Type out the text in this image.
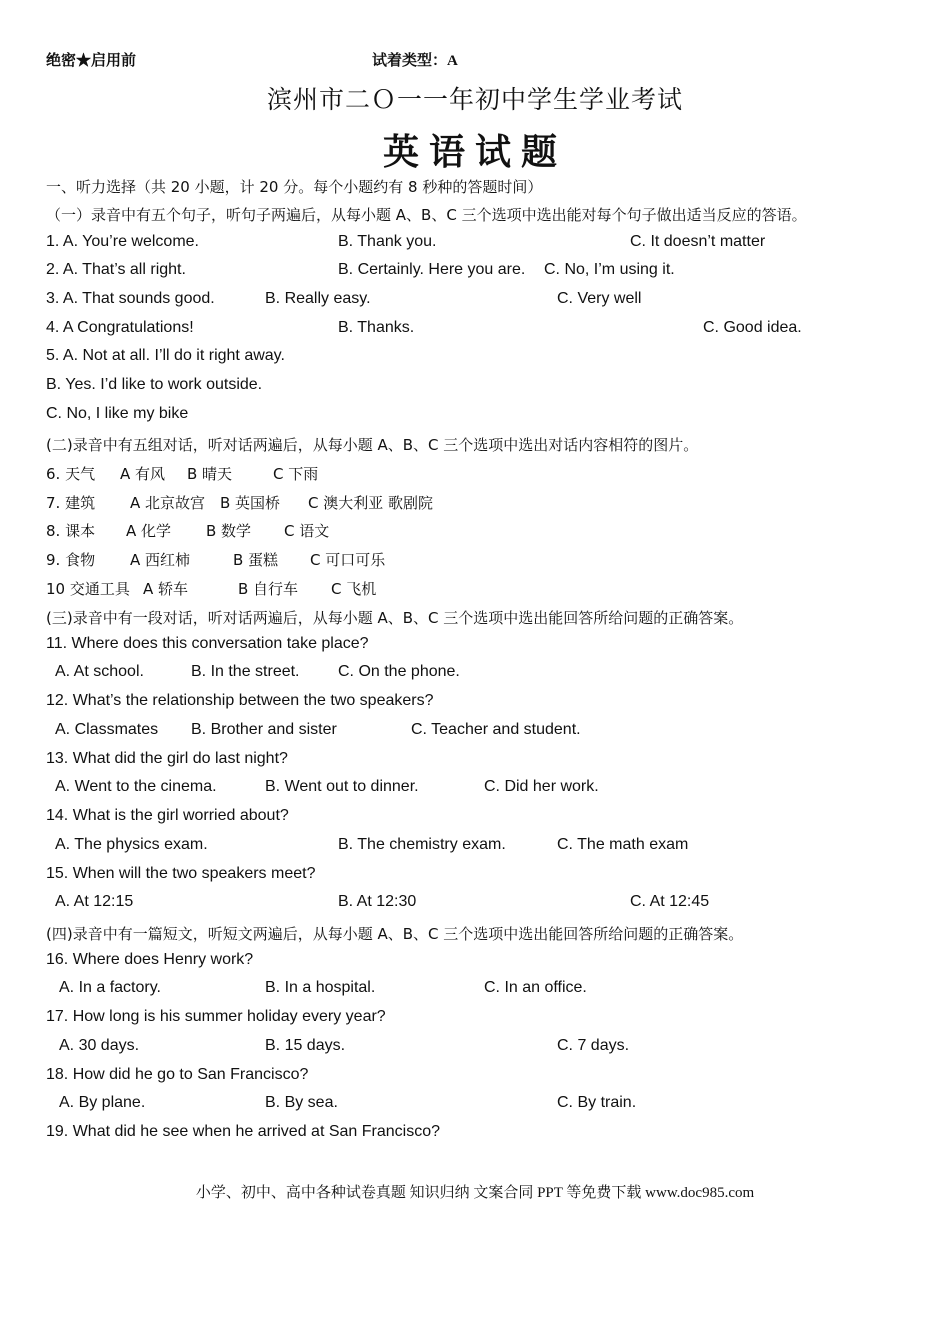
绝密★启用前	试着类型：A
滨州市二Ｏ一一年初中学生学业考试
英语试题
一、听力选择（共 20 小题，计 20 分。每个小题约有 8 秒种的答题时间）
（一）录音中有五个句子，听句子两遍后，从每小题 A、B、C 三个选项中选出能对每个句子做出适当反应的答语。
1. A. You’re welcome.	B. Thank you.	C. It doesn’t matter
2. A. That’s all right.	B. Certainly. Here you are. C. No, I’m using it.
3. A. That sounds good.	B. Really easy.	C. Very well
4. A Congratulations!	B. Thanks.	C. Good idea.
5. A. Not at all. I’ll do it right away.
B. Yes. I’d like to work outside.
C. No, I like my bike
(二)录音中有五组对话，听对话两遍后，从每小题 A、B、C 三个选项中选出对话内容相符的图片。
6. 天气 A 有风 B 晴天	C 下雨
7. 建筑 A 北京故宫 B 英国桥 C 澳大利亚 歌剧院
8. 课本 A 化学 B 数学 C 语文
9. 食物 A 西红柿	B 蛋糕 C 可口可乐
10 交通工具 A 轿车	B 自行车 C 飞机
(三)录音中有一段对话，听对话两遍后，从每小题 A、B、C 三个选项中选出能回答所给问题的正确答案。
11. Where does this conversation take place?
A. At school.	B. In the street. C. On the phone.
12. What’s the relationship between the two speakers?
A. Classmates B. Brother and sister	C. Teacher and student.
13. What did the girl do last night?
A. Went to the cinema.	B. Went out to dinner.	C. Did her work.
14. What is the girl worried about?
A. The physics exam.	B. The chemistry exam.	C. The math exam
15. When will the two speakers meet?
A. At 12:15	B. At 12:30	C. At 12:45
(四)录音中有一篇短文，听短文两遍后，从每小题 A、B、C 三个选项中选出能回答所给问题的正确答案。
16. Where does Henry work?
A. In a factory.	B. In a hospital.	C. In an office.
17. How long is his summer holiday every year?
A. 30 days.	B. 15 days.	C. 7 days.
18. How did he go to San Francisco?
A. By plane.	B. By sea.	C. By train.
19. What did he see when he arrived at San Francisco?
小学、初中、高中各种试卷真题 知识归纳 文案合同 PPT 等免费下载 www.doc985.com
